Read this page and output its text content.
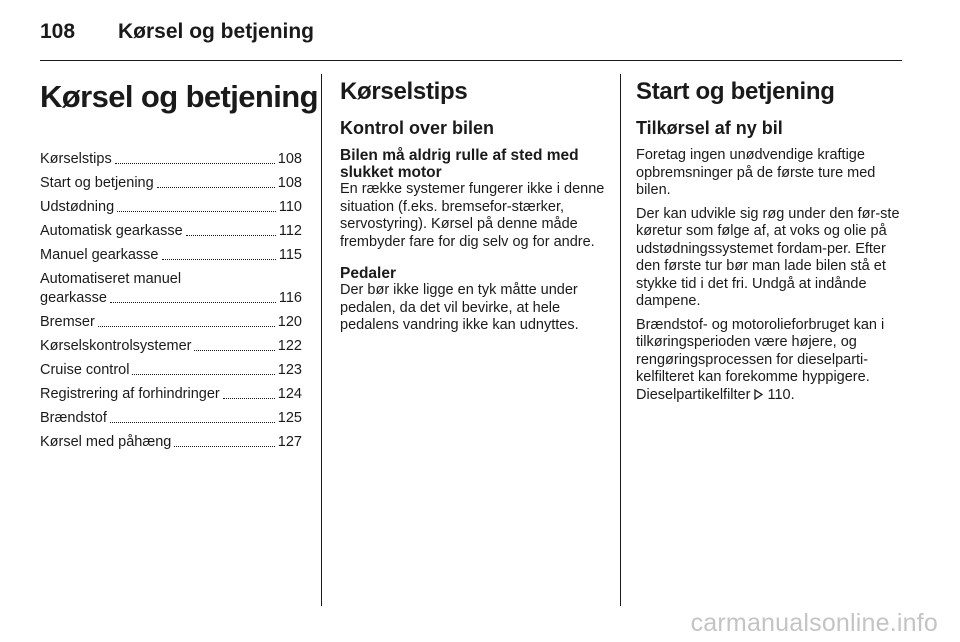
108 Kørsel og betjening
Kørsel og betjening
Kørselstips	108
Start og betjening	108
Udstødning	110
Automatisk gearkasse	112
Manuel gearkasse	115
Automatiseret manuel
gearkasse	116
Bremser	120
Kørselskontrolsystemer	122
Cruise control	123
Registrering af forhindringer	124
Brændstof	125
Kørsel med påhæng	127
Kørselstips
Kontrol over bilen
Bilen må aldrig rulle af sted med slukket motor

En række systemer fungerer ikke i denne situation (f.eks. bremsefor-stærker, servostyring). Kørsel på denne måde frembyder fare for dig selv og for andre.

Pedaler

Der bør ikke ligge en tyk måtte under pedalen, da det vil bevirke, at hele pedalens vandring ikke kan udnyttes.

Start og betjening
Tilkørsel af ny bil

Foretag ingen unødvendige kraftige opbremsninger på de første ture med bilen.

Der kan udvikle sig røg under den før-ste køretur som følge af, at voks og olie på udstødningssystemet fordam-per. Efter den første tur bør man lade bilen stå et stykke tid i det fri. Undgå at indånde dampene.

Brændstof- og motorolieforbruget kan i tilkøringsperioden være højere, og rengøringsprocessen for dieselparti-kelfilteret kan forekomme hyppigere. Dieselpartikelfilter 110.

carmanualsonline.info
